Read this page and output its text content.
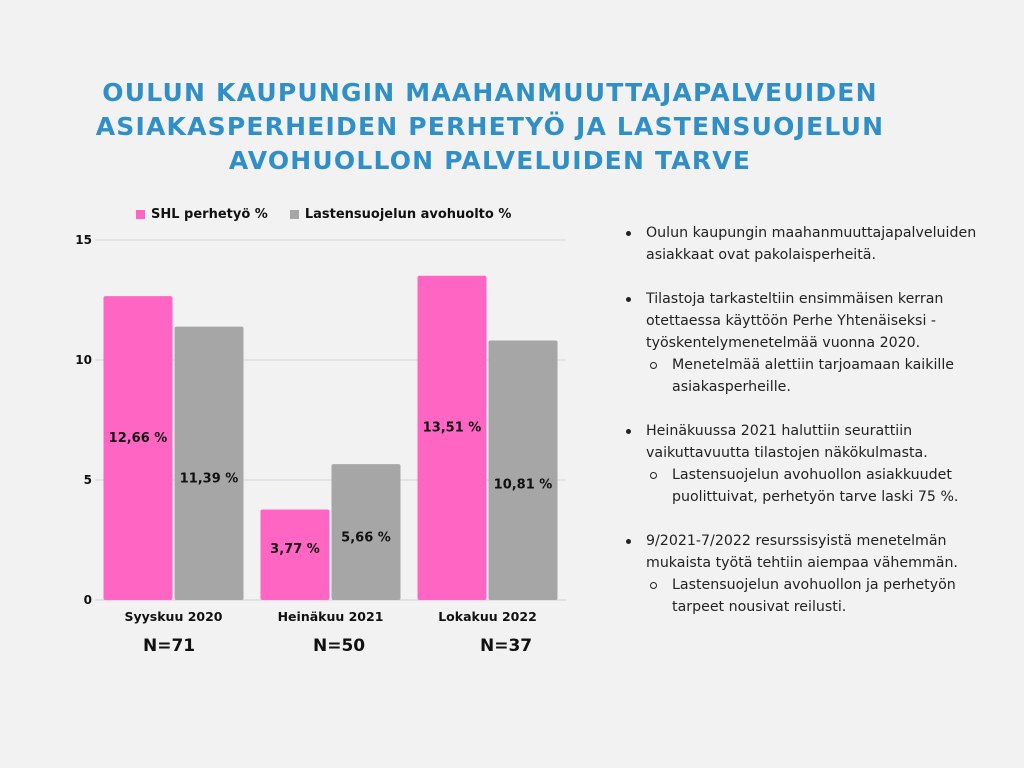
OULUN KAUPUNGIN MAAHANMUUTTAJAPALVEUIDEN
ASIAKASPERHEIDEN PERHETYÖ JA LASTENSUOJELUN
AVOHUOLLON PALVELUIDEN TARVE
SHL perhetyö %	Lastensuojelun avohuolto %
0
5
10
15
12,66 %
11,39 %
Syyskuu 2020
3,77 %
5,66 %
Heinäkuu 2021
13,51 %
10,81 %
Lokakuu 2022
N=71	N=50	N=37
Oulun kaupungin maahanmuuttajapalveluiden asiakkaat ovat pakolaisperheitä.
Tilastoja tarkasteltiin ensimmäisen kerran otettaessa käyttöön Perhe Yhtenäiseksi -työskentelymenetelmää vuonna 2020.
Menetelmää alettiin tarjoamaan kaikille asiakasperheille.
Heinäkuussa 2021 haluttiin seurattiin vaikuttavuutta tilastojen näkökulmasta.
Lastensuojelun avohuollon asiakkuudet puolittuivat, perhetyön tarve laski 75 %.
9/2021-7/2022 resurssisyistä menetelmän mukaista työtä tehtiin aiempaa vähemmän.
Lastensuojelun avohuollon ja perhetyön tarpeet nousivat reilusti.
